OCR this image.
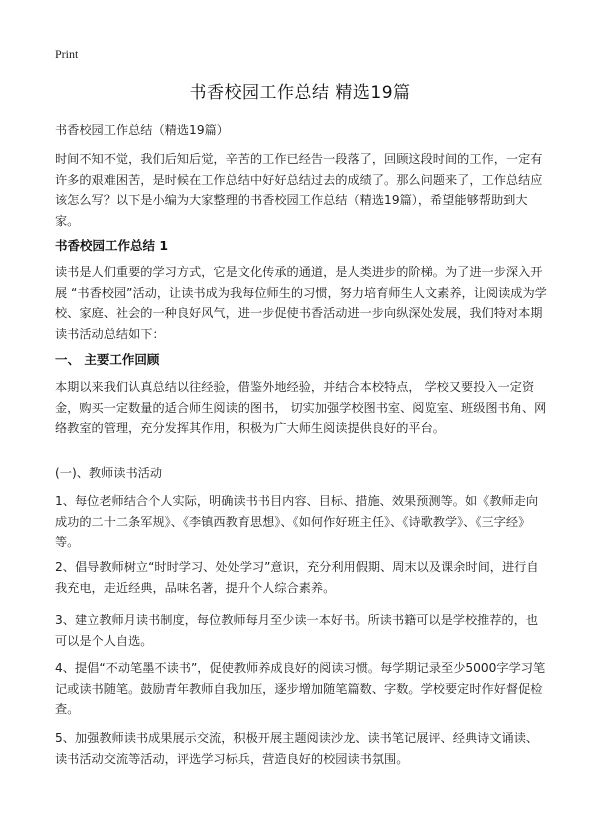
Print
书香校园工作总结 精选19篇
书香校园工作总结（精选19篇）
时间不知不觉，我们后知后觉，辛苦的工作已经告一段落了，回顾这段时间的工作，一定有许多的艰难困苦，是时候在工作总结中好好总结过去的成绩了。那么问题来了，工作总结应该怎么写？以下是小编为大家整理的书香校园工作总结（精选19篇），希望能够帮助到大家。
书香校园工作总结 1
读书是人们重要的学习方式，它是文化传承的通道，是人类进步的阶梯。为了进一步深入开展 “书香校园”活动，让读书成为我每位师生的习惯，努力培育师生人文素养，让阅读成为学校、家庭、社会的一种良好风气，进一步促使书香活动进一步向纵深处发展，我们特对本期读书活动总结如下：
一、 主要工作回顾
本期以来我们认真总结以往经验，借鉴外地经验，并结合本校特点， 学校又要投入一定资金，购买一定数量的适合师生阅读的图书， 切实加强学校图书室、阅览室、班级图书角、网络教室的管理，充分发挥其作用，积极为广大师生阅读提供良好的平台。
(一)、教师读书活动
1、每位老师结合个人实际，明确读书书目内容、目标、措施、效果预测等。如《教师走向成功的二十二条军规》、《李镇西教育思想》、《如何作好班主任》、《诗歌教学》、《三字经》等。
2、倡导教师树立“时时学习、处处学习”意识，充分利用假期、周末以及课余时间，进行自我充电，走近经典，品味名著，提升个人综合素养。
3、建立教师月读书制度，每位教师每月至少读一本好书。所读书籍可以是学校推荐的，也可以是个人自选。
4、提倡“不动笔墨不读书”，促使教师养成良好的阅读习惯。每学期记录至少5000字学习笔记或读书随笔。鼓励青年教师自我加压，逐步增加随笔篇数、字数。学校要定时作好督促检查。
5、加强教师读书成果展示交流，积极开展主题阅读沙龙、读书笔记展评、经典诗文诵读、读书活动交流等活动，评选学习标兵，营造良好的校园读书氛围。
